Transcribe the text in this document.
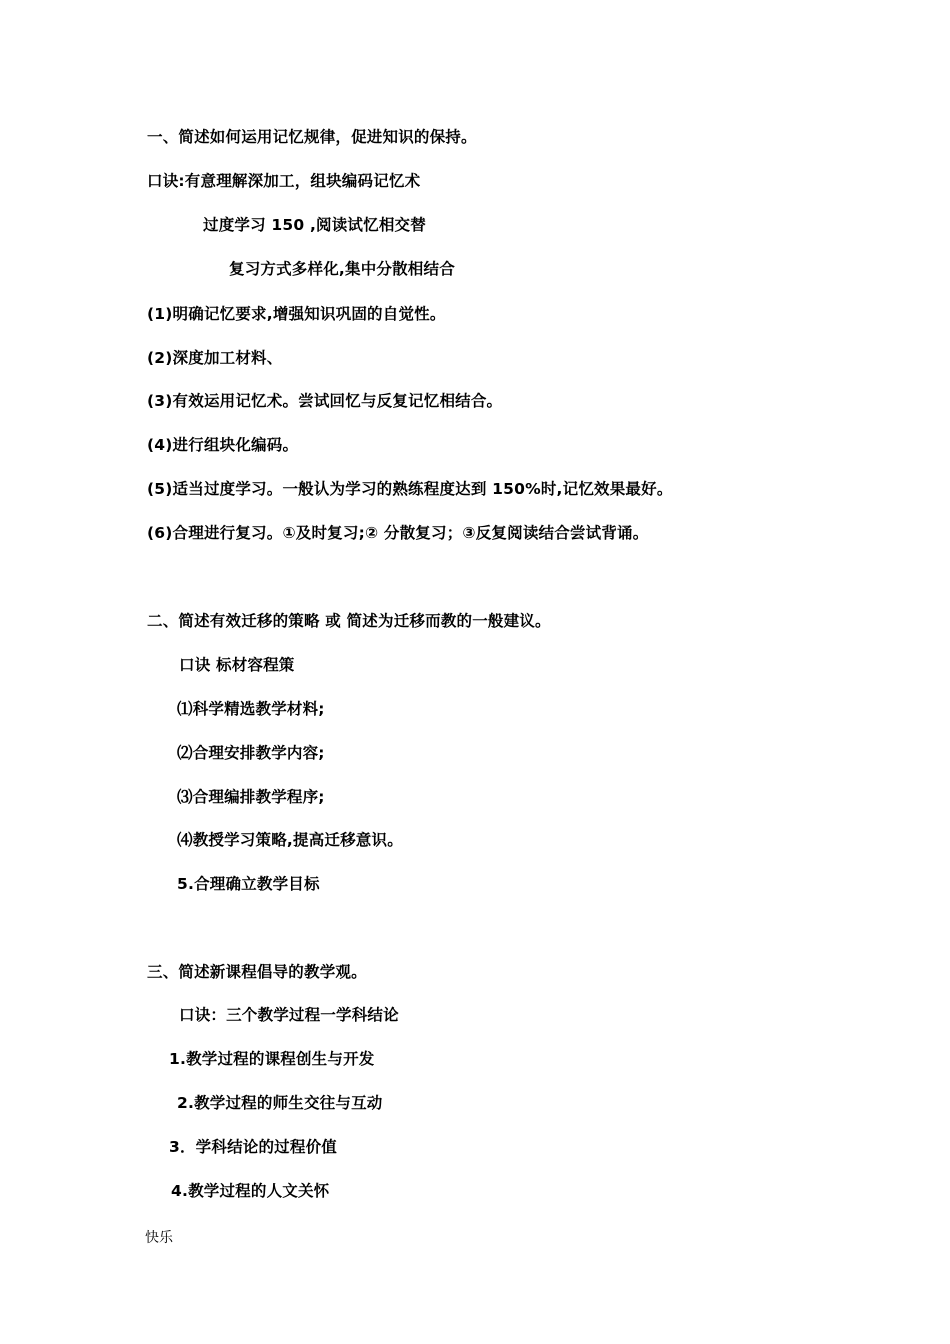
一、简述如何运用记忆规律，促进知识的保持。
口诀:有意理解深加工，组块编码记忆术
过度学习 150 ,阅读试忆相交替
复习方式多样化,集中分散相结合
(1)明确记忆要求,增强知识巩固的自觉性。
(2)深度加工材料、
(3)有效运用记忆术。尝试回忆与反复记忆相结合。
(4)进行组块化编码。
(5)适当过度学习。一般认为学习的熟练程度达到 150%时,记忆效果最好。
(6)合理进行复习。①及时复习;② 分散复习；③反复阅读结合尝试背诵。
二、简述有效迁移的策略 或 简述为迁移而教的一般建议。
口诀 标材容程策
⑴科学精选教学材料;
⑵合理安排教学内容;
⑶合理编排教学程序;
⑷教授学习策略,提高迁移意识。
5.合理确立教学目标
三、简述新课程倡导的教学观。
口诀：三个教学过程一学科结论
1.教学过程的课程创生与开发
2.教学过程的师生交往与互动
3．学科结论的过程价值
4.教学过程的人文关怀
快乐
